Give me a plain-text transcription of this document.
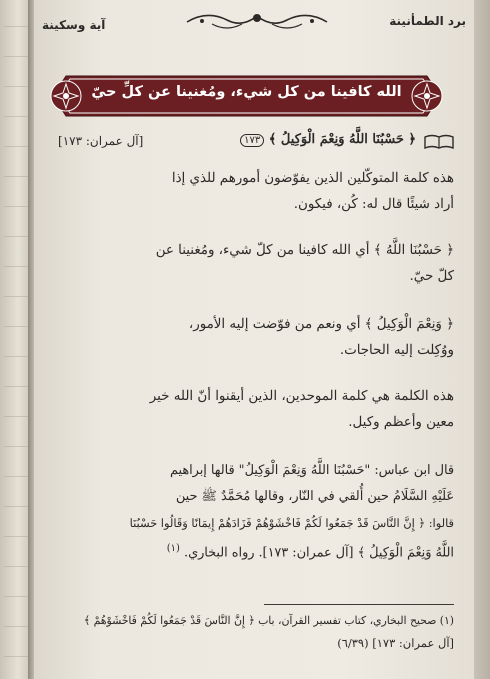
برد الطمأنينة
آية وسكينة
الله كافينا من كل شيء، ومُغنينا عن كلِّ حيّ
﴿ حَسْبُنَا اللَّهُ وَنِعْمَ الْوَكِيلُ ﴾ ١٧٣
[آل عمران: ١٧٣]
هذه كلمة المتوكّلين الذين يفوّضون أمورهم للذي إذا
أراد شيئًا قال له: كُن، فيكون.
﴿ حَسْبُنَا اللَّهُ ﴾ أي الله كافينا من كلّ شيء، ومُغنينا عن
كلّ حيّ.
﴿ وَنِعْمَ الْوَكِيلُ ﴾ أي ونعم من فوّضت إليه الأمور،
ووُكِلت إليه الحاجات.
هذه الكلمة هي كلمة الموحدين، الذين أيقنوا أنّ الله خير
معين وأعظم وكيل.
قال ابن عباس: "حَسْبُنَا اللَّهُ وَنِعْمَ الْوَكِيلُ" قالها إبراهيم
عَلَيْهِ السَّلَامُ حين أُلقي في النّار، وقالها مُحَمَّدٌ ﷺ حين
قالوا: ﴿ إِنَّ النَّاسَ قَدْ جَمَعُوا لَكُمْ فَاخْشَوْهُمْ فَزَادَهُمْ إِيمَانًا وَقَالُوا حَسْبُنَا
اللَّهُ وَنِعْمَ الْوَكِيلُ ﴾ [آل عمران: ١٧٣]. رواه البخاري. $^{(١)}$
(١) صحيح البخاري، كتاب تفسير القرآن، باب ﴿ إِنَّ النَّاسَ قَدْ جَمَعُوا لَكُمْ فَاخْشَوْهُمْ ﴾
[آل عمران: ١٧٣] (٦/٣٩)
